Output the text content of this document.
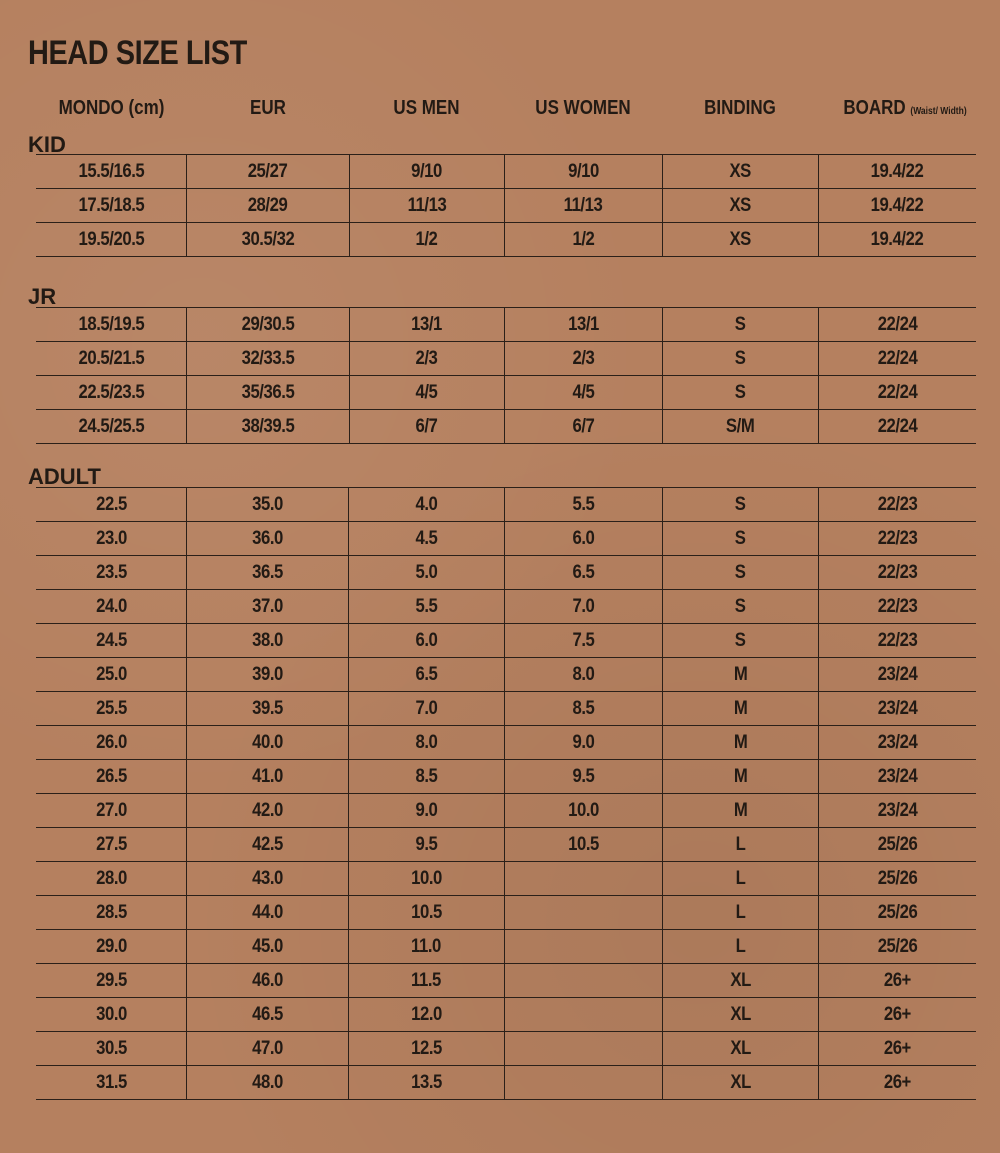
HEAD SIZE LIST
MONDO (cm)	EUR	US MEN	US WOMEN	BINDING	BOARD (Waist/ Width)
KID
15.5/16.5	25/27	9/10	9/10	XS	19.4/22
17.5/18.5	28/29	11/13	11/13	XS	19.4/22
19.5/20.5	30.5/32	1/2	1/2	XS	19.4/22
JR
18.5/19.5	29/30.5	13/1	13/1	S	22/24
20.5/21.5	32/33.5	2/3	2/3	S	22/24
22.5/23.5	35/36.5	4/5	4/5	S	22/24
24.5/25.5	38/39.5	6/7	6/7	S/M	22/24
ADULT
22.5	35.0	4.0	5.5	S	22/23
23.0	36.0	4.5	6.0	S	22/23
23.5	36.5	5.0	6.5	S	22/23
24.0	37.0	5.5	7.0	S	22/23
24.5	38.0	6.0	7.5	S	22/23
25.0	39.0	6.5	8.0	M	23/24
25.5	39.5	7.0	8.5	M	23/24
26.0	40.0	8.0	9.0	M	23/24
26.5	41.0	8.5	9.5	M	23/24
27.0	42.0	9.0	10.0	M	23/24
27.5	42.5	9.5	10.5	L	25/26
28.0	43.0	10.0		L	25/26
28.5	44.0	10.5		L	25/26
29.0	45.0	11.0		L	25/26
29.5	46.0	11.5		XL	26+
30.0	46.5	12.0		XL	26+
30.5	47.0	12.5		XL	26+
31.5	48.0	13.5		XL	26+
